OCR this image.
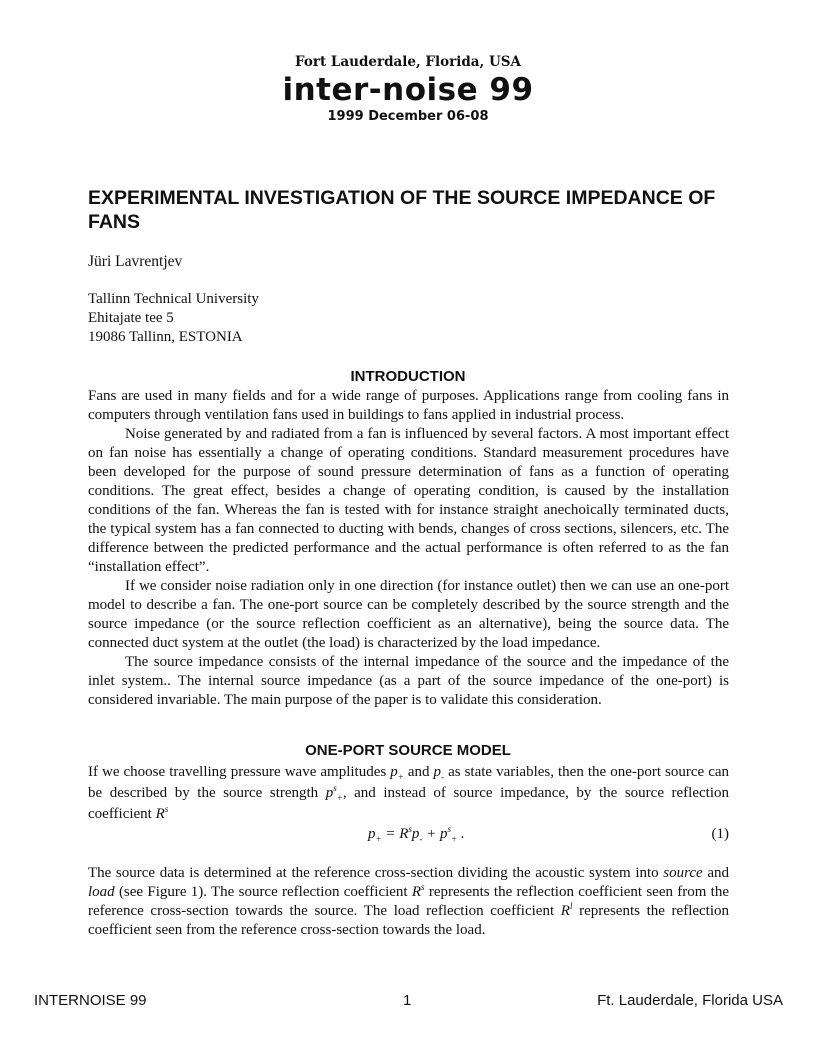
Fort Lauderdale, Florida, USA
inter-noise 99
1999 December 06-08
EXPERIMENTAL INVESTIGATION OF THE SOURCE IMPEDANCE OF FANS
Jüri Lavrentjev
Tallinn Technical University
Ehitajate tee 5
19086 Tallinn, ESTONIA
INTRODUCTION

Fans are used in many fields and for a wide range of purposes. Applications range from cooling fans in computers through ventilation fans used in buildings to fans applied in industrial process.

Noise generated by and radiated from a fan is influenced by several factors. A most important effect on fan noise has essentially a change of operating conditions. Standard measurement procedures have been developed for the purpose of sound pressure determination of fans as a function of operating conditions. The great effect, besides a change of operating condition, is caused by the installation conditions of the fan. Whereas the fan is tested with for instance straight anechoically terminated ducts, the typical system has a fan connected to ducting with bends, changes of cross sections, silencers, etc. The difference between the predicted performance and the actual performance is often referred to as the fan “installation effect”.

If we consider noise radiation only in one direction (for instance outlet) then we can use an one-port model to describe a fan. The one-port source can be completely described by the source strength and the source impedance (or the source reflection coefficient as an alternative), being the source data. The connected duct system at the outlet (the load) is characterized by the load impedance.

The source impedance consists of the internal impedance of the source and the impedance of the inlet system.. The internal source impedance (as a part of the source impedance of the one-port) is considered invariable. The main purpose of the paper is to validate this consideration.

ONE-PORT SOURCE MODEL
If we choose travelling pressure wave amplitudes $p_+$ and $p_-$ as state variables, then the one-port source can be described by the source strength $p^s_+$, and instead of source impedance, by the source reflection coefficient $R^s$
$p_+ = R^sp_- + p^s_+$ .	(1)
The source data is determined at the reference cross-section dividing the acoustic system into source and load (see Figure 1). The source reflection coefficient $R^s$ represents the reflection coefficient seen from the reference cross-section towards the source. The load reflection coefficient $R^l$ represents the reflection coefficient seen from the reference cross-section towards the load.
INTERNOISE 99	1	Ft. Lauderdale, Florida USA
